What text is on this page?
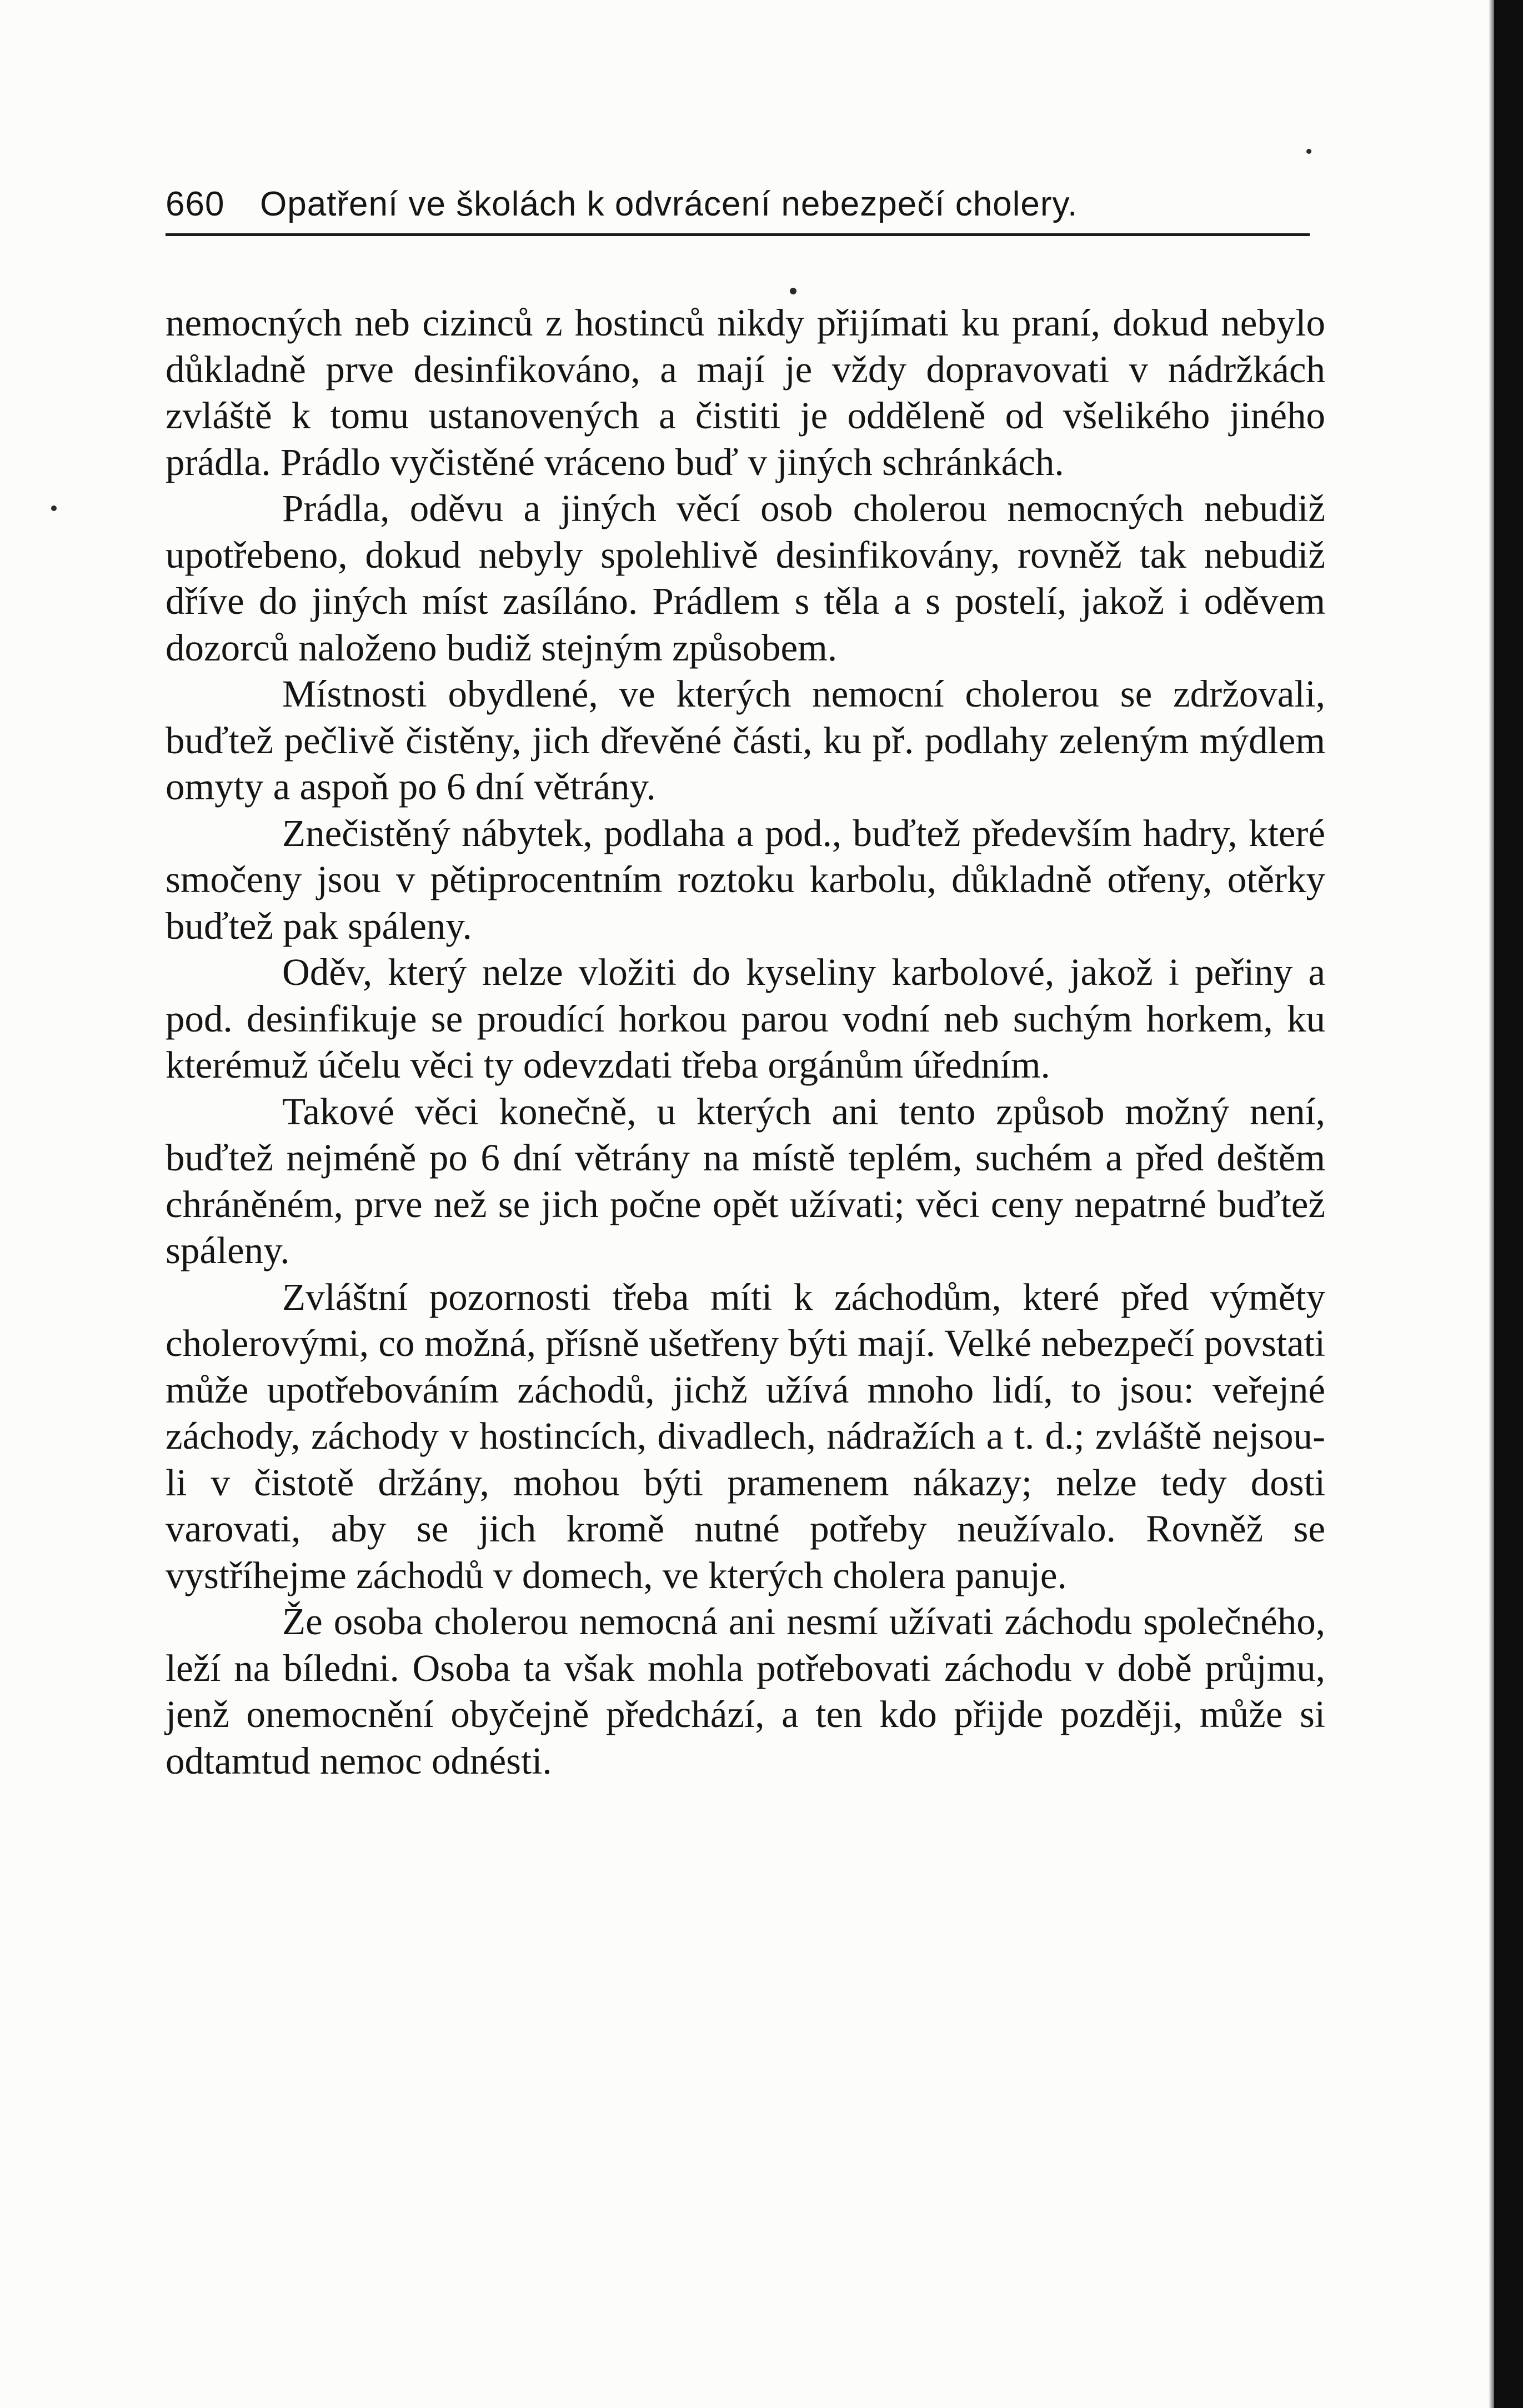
660 Opatření ve školách k odvrácení nebezpečí cholery.

nemocných neb cizinců z hostinců nikdy přijímati ku praní, dokud nebylo důkladně prve desinfikováno, a mají je vždy dopravovati v nádržkách zvláště k tomu ustanovených a čistiti je odděleně od všelikého jiného prádla. Prádlo vyčistěné vráceno buď v jiných schránkách.

Prádla, oděvu a jiných věcí osob cholerou nemocných nebudiž upotřebeno, dokud nebyly spolehlivě desinfikovány, rovněž tak nebudiž dříve do jiných míst zasíláno. Prádlem s těla a s postelí, jakož i oděvem dozorců naloženo budiž stejným způsobem.

Místnosti obydlené, ve kterých nemocní cholerou se zdržovali, buďtež pečlivě čistěny, jich dřevěné části, ku př. podlahy zeleným mýdlem omyty a aspoň po 6 dní větrány.

Znečistěný nábytek, podlaha a pod., buďtež především hadry, které smočeny jsou v pětiprocentním roztoku karbolu, důkladně otřeny, otěrky buďtež pak spáleny.

Oděv, který nelze vložiti do kyseliny karbolové, jakož i peřiny a pod. desinfikuje se proudící horkou parou vodní neb suchým horkem, ku kterémuž účelu věci ty odevzdati třeba orgánům úředním.

Takové věci konečně, u kterých ani tento způsob možný není, buďtež nejméně po 6 dní větrány na místě teplém, suchém a před deštěm chráněném, prve než se jich počne opět užívati; věci ceny nepatrné buďtež spáleny.

Zvláštní pozornosti třeba míti k záchodům, které před výměty cholerovými, co možná, přísně ušetřeny býti mají. Velké nebezpečí povstati může upotřebováním záchodů, jichž užívá mnoho lidí, to jsou: veřejné záchody, záchody v hostincích, divadlech, nádražích a t. d.; zvláště nejsou-li v čistotě držány, mohou býti pramenem nákazy; nelze tedy dosti varovati, aby se jich kromě nutné potřeby neužívalo. Rovněž se vystříhejme záchodů v domech, ve kterých cholera panuje.

Že osoba cholerou nemocná ani nesmí užívati záchodu společného, leží na bíledni. Osoba ta však mohla potřebovati záchodu v době průjmu, jenž onemocnění obyčejně předchází, a ten kdo přijde později, může si odtamtud nemoc odnésti.
